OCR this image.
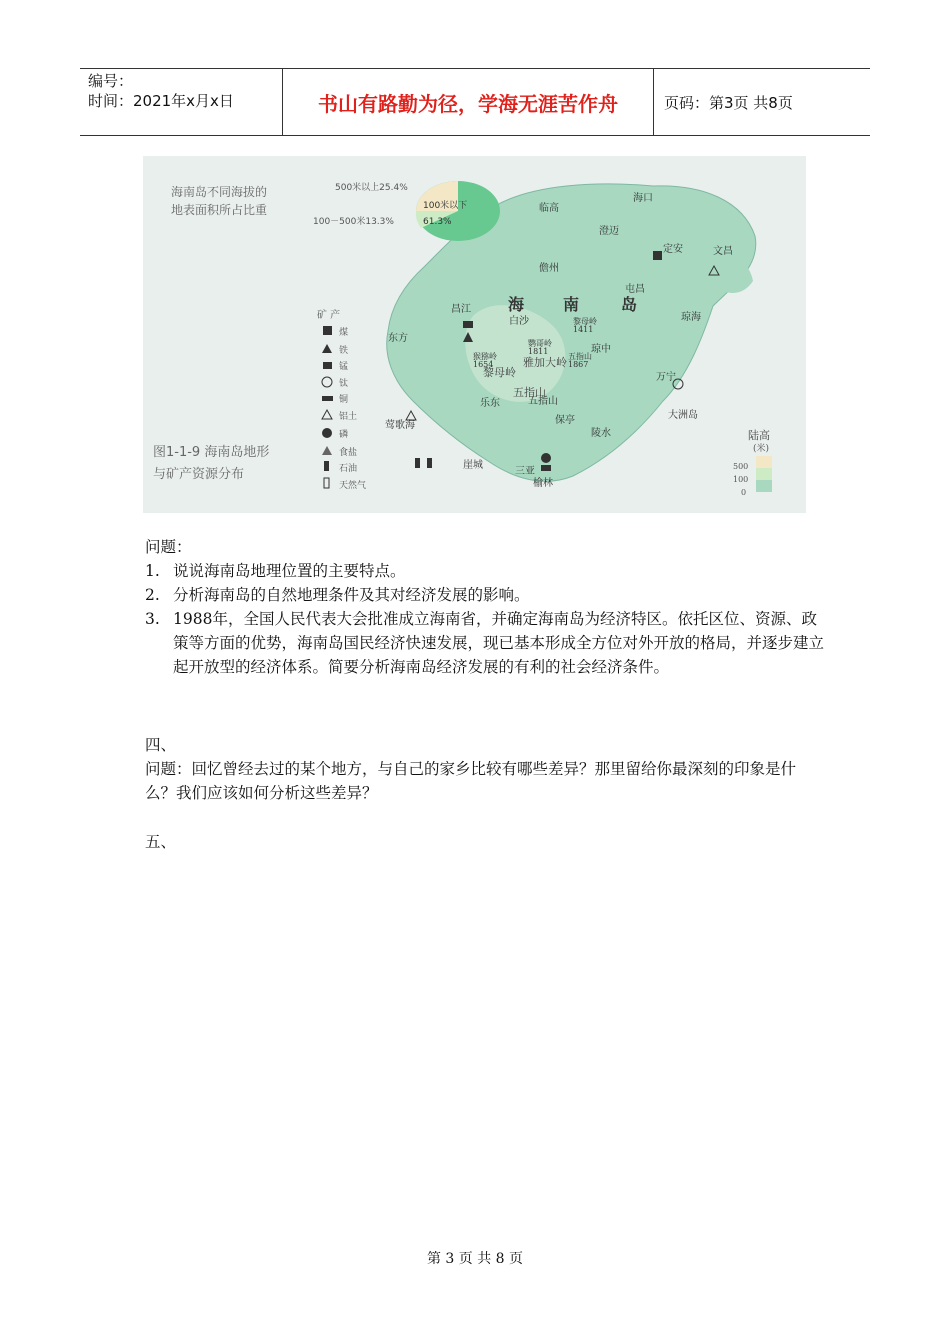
编号：
时间：2021年x月x日	书山有路勤为径，学海无涯苦作舟	页码：第3页 共8页
海南岛不同海拔的
地表面积所占比重
500米以上25.4%
100－500米13.3%
100米以下
61.3%
矿 产
煤
铁
锰
钛
铜
铝土
磷
食盐
石油
天然气
图1-1-9 海南岛地形
与矿产资源分布
海 南	岛
临高
海口
澄迈
定安	文昌
儋州
屯昌
昌江
白沙	琼海
东方
琼中
万宁
乐东	五指山
保亭	大洲岛
莺歌海
陵水
崖城
三亚
榆林
黎母岭
雅加大岭
五指山
鹦哥岭
1811
黎母岭
1411
猴猕岭
1654
五指山
1867
陆高
(米)
500
100
0
问题：
1. 说说海南岛地理位置的主要特点。
2. 分析海南岛的自然地理条件及其对经济发展的影响。
3. 1988年，全国人民代表大会批准成立海南省，并确定海南岛为经济特区。依托区位、资源、政策等方面的优势，海南岛国民经济快速发展，现已基本形成全方位对外开放的格局，并逐步建立起开放型的经济体系。简要分析海南岛经济发展的有利的社会经济条件。
四、
问题：回忆曾经去过的某个地方，与自己的家乡比较有哪些差异？那里留给你最深刻的印象是什么？我们应该如何分析这些差异？
五、
第 3 页 共 8 页
